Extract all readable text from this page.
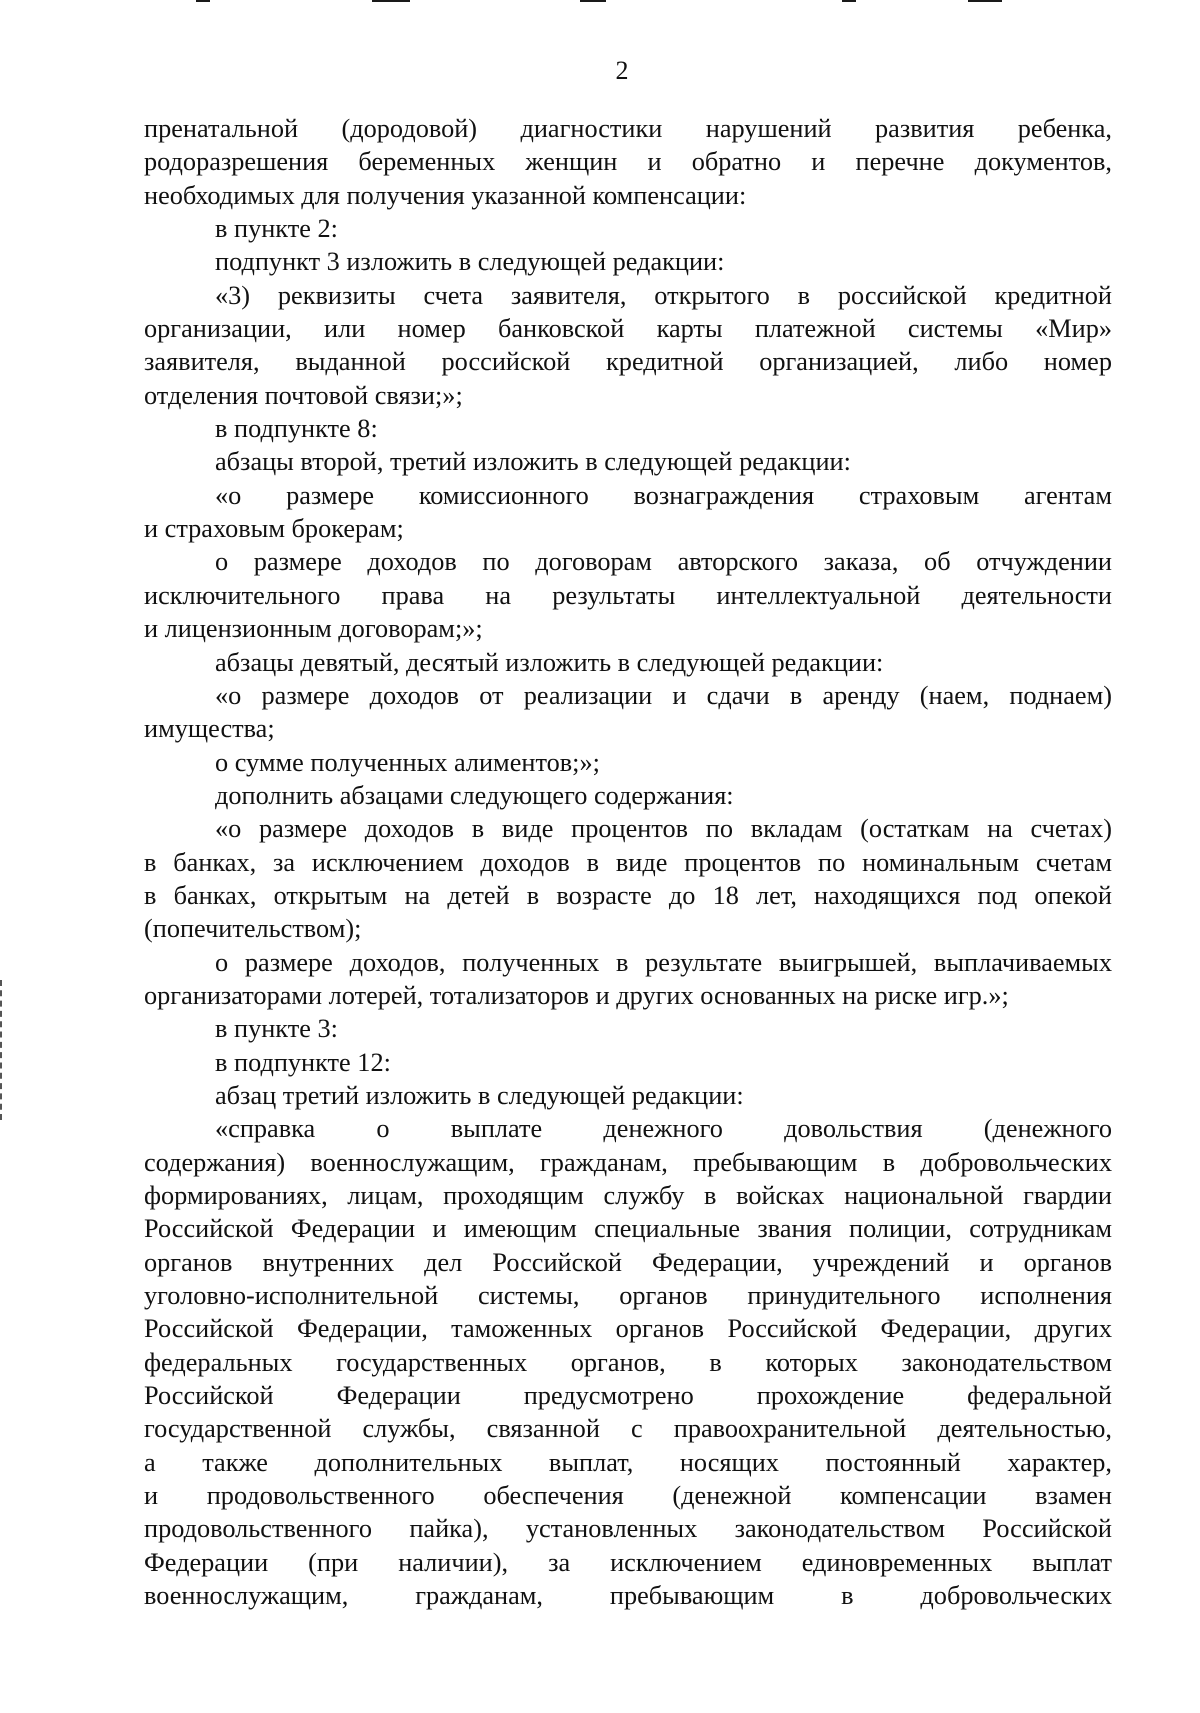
2
пренатальной (дородовой) диагностики нарушений развития ребенка,
родоразрешения беременных женщин и обратно и перечне документов,
необходимых для получения указанной компенсации:
в пункте 2:
подпункт 3 изложить в следующей редакции:
«3) реквизиты счета заявителя, открытого в российской кредитной
организации, или номер банковской карты платежной системы «Мир»
заявителя, выданной российской кредитной организацией, либо номер
отделения почтовой связи;»;
в подпункте 8:
абзацы второй, третий изложить в следующей редакции:
«о размере комиссионного вознаграждения страховым агентам
и страховым брокерам;
о размере доходов по договорам авторского заказа, об отчуждении
исключительного права на результаты интеллектуальной деятельности
и лицензионным договорам;»;
абзацы девятый, десятый изложить в следующей редакции:
«о размере доходов от реализации и сдачи в аренду (наем, поднаем)
имущества;
о сумме полученных алиментов;»;
дополнить абзацами следующего содержания:
«о размере доходов в виде процентов по вкладам (остаткам на счетах)
в банках, за исключением доходов в виде процентов по номинальным счетам
в банках, открытым на детей в возрасте до 18 лет, находящихся под опекой
(попечительством);
о размере доходов, полученных в результате выигрышей, выплачиваемых
организаторами лотерей, тотализаторов и других основанных на риске игр.»;
в пункте 3:
в подпункте 12:
абзац третий изложить в следующей редакции:
«справка о выплате денежного довольствия (денежного
содержания) военнослужащим, гражданам, пребывающим в добровольческих
формированиях, лицам, проходящим службу в войсках национальной гвардии
Российской Федерации и имеющим специальные звания полиции, сотрудникам
органов внутренних дел Российской Федерации, учреждений и органов
уголовно-исполнительной системы, органов принудительного исполнения
Российской Федерации, таможенных органов Российской Федерации, других
федеральных государственных органов, в которых законодательством
Российской Федерации предусмотрено прохождение федеральной
государственной службы, связанной с правоохранительной деятельностью,
а также дополнительных выплат, носящих постоянный характер,
и продовольственного обеспечения (денежной компенсации взамен
продовольственного пайка), установленных законодательством Российской
Федерации (при наличии), за исключением единовременных выплат
военнослужащим, гражданам, пребывающим в добровольческих
